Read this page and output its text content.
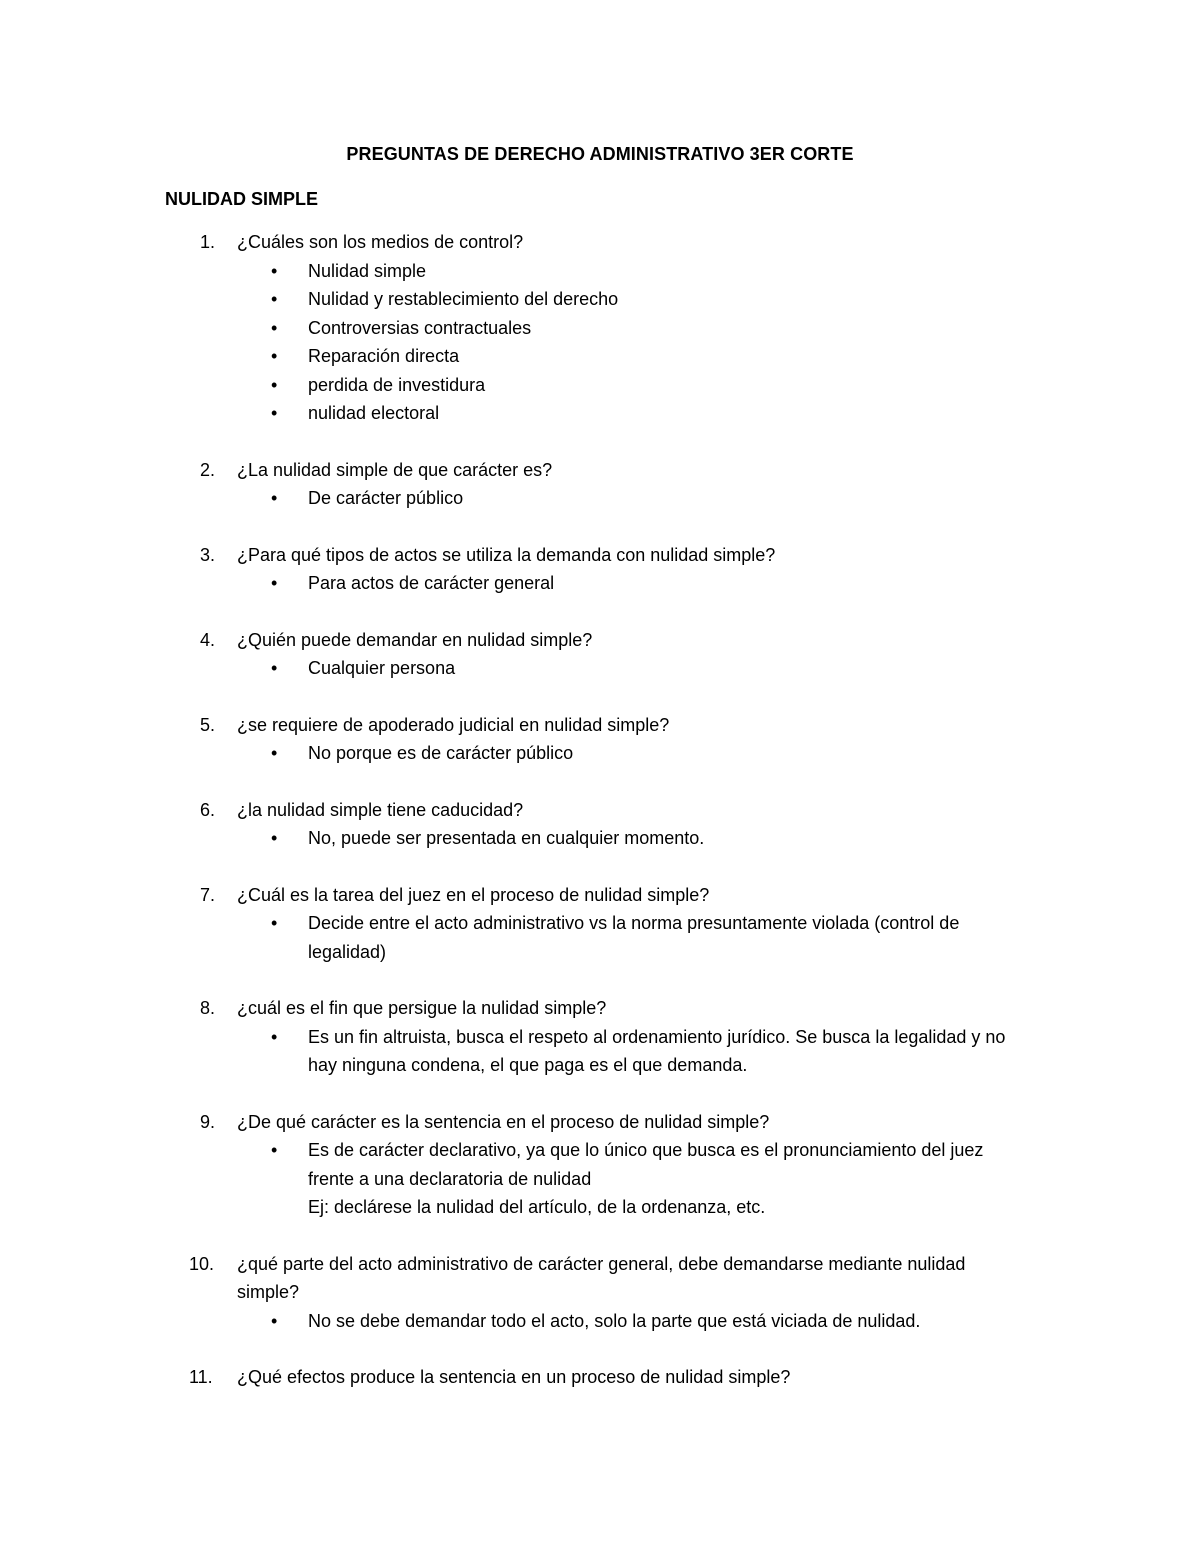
PREGUNTAS DE DERECHO ADMINISTRATIVO 3ER CORTE
NULIDAD SIMPLE
1.	¿Cuáles son los medios de control?
•	Nulidad simple
•	Nulidad y restablecimiento del derecho
•	Controversias contractuales
•	Reparación directa
•	perdida de investidura
•	nulidad electoral
2.	¿La nulidad simple de que carácter es?
•	De carácter público
3.	¿Para qué tipos de actos se utiliza la demanda con nulidad simple?
•	Para actos de carácter general
4.	¿Quién puede demandar en nulidad simple?
•	Cualquier persona
5.	¿se requiere de apoderado judicial en nulidad simple?
•	No porque es de carácter público
6.	¿la nulidad simple tiene caducidad?
•	No, puede ser presentada en cualquier momento.
7.	¿Cuál es la tarea del juez en el proceso de nulidad simple?
•	Decide entre el acto administrativo vs la norma presuntamente violada (control de legalidad)
8.	¿cuál es el fin que persigue la nulidad simple?
•	Es un fin altruista, busca el respeto al ordenamiento jurídico. Se busca la legalidad y no hay ninguna condena, el que paga es el que demanda.
9.	¿De qué carácter es la sentencia en el proceso de nulidad simple?
•	Es de carácter declarativo, ya que lo único que busca es el pronunciamiento del juez frente a una declaratoria de nulidad
Ej: declárese la nulidad del artículo, de la ordenanza, etc.
10.	¿qué parte del acto administrativo de carácter general, debe demandarse mediante nulidad simple?
•	No se debe demandar todo el acto, solo la parte que está viciada de nulidad.
11.	¿Qué efectos produce la sentencia en un proceso de nulidad simple?
